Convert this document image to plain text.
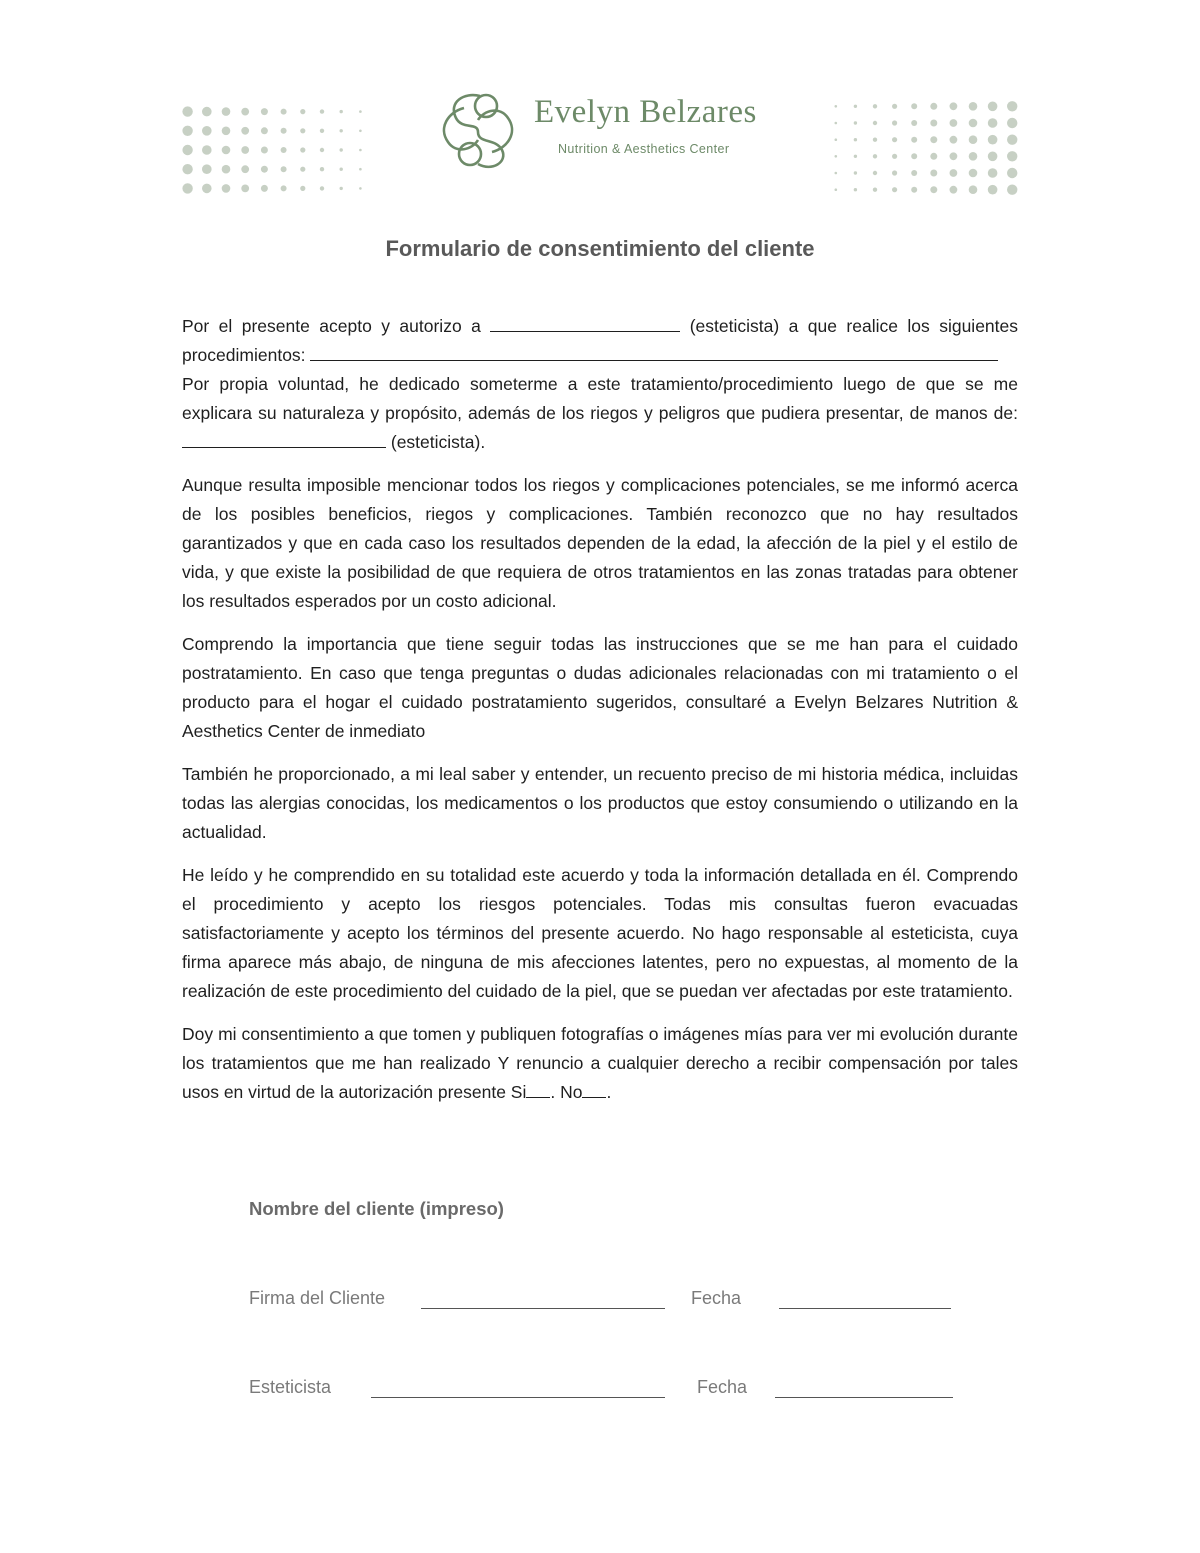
Evelyn Belzares
Nutrition & Aesthetics Center
Formulario de consentimiento del cliente

Por el presente acepto y autorizo a	(esteticista) a que realice los siguientes procedimientos:

Por propia voluntad, he dedicado someterme a este tratamiento/procedimiento luego de que se me explicara su naturaleza y propósito, además de los riegos y peligros que pudiera presentar, de manos de:  (esteticista).

Aunque resulta imposible mencionar todos los riegos y complicaciones potenciales, se me informó acerca de los posibles beneficios, riegos y complicaciones. También reconozco que no hay resultados garantizados y que en cada caso los resultados dependen de la edad, la afección de la piel y el estilo de vida, y que existe la posibilidad de que requiera de otros tratamientos en las zonas tratadas para obtener los resultados esperados por un costo adicional.

Comprendo la importancia que tiene seguir todas las instrucciones que se me han para el cuidado postratamiento. En caso que tenga preguntas o dudas adicionales relacionadas con mi tratamiento o el producto para el hogar el cuidado postratamiento sugeridos, consultaré a Evelyn Belzares Nutrition & Aesthetics Center de inmediato

También he proporcionado, a mi leal saber y entender, un recuento preciso de mi historia médica, incluidas todas las alergias conocidas, los medicamentos o los productos que estoy consumiendo o utilizando en la actualidad.

He leído y he comprendido en su totalidad este acuerdo y toda la información detallada en él. Comprendo el procedimiento y acepto los riesgos potenciales. Todas mis consultas fueron evacuadas satisfactoriamente y acepto los términos del presente acuerdo. No hago responsable al esteticista, cuya firma aparece más abajo, de ninguna de mis afecciones latentes, pero no expuestas, al momento de la realización de este procedimiento del cuidado de la piel, que se puedan ver afectadas por este tratamiento.

Doy mi consentimiento a que tomen y publiquen fotografías o imágenes mías para ver mi evolución durante los tratamientos que me han realizado Y renuncio a cualquier derecho a recibir compensación por tales usos en virtud de la autorización presente Si . No .

Nombre del cliente (impreso)
Firma del Cliente	Fecha
Esteticista	Fecha
